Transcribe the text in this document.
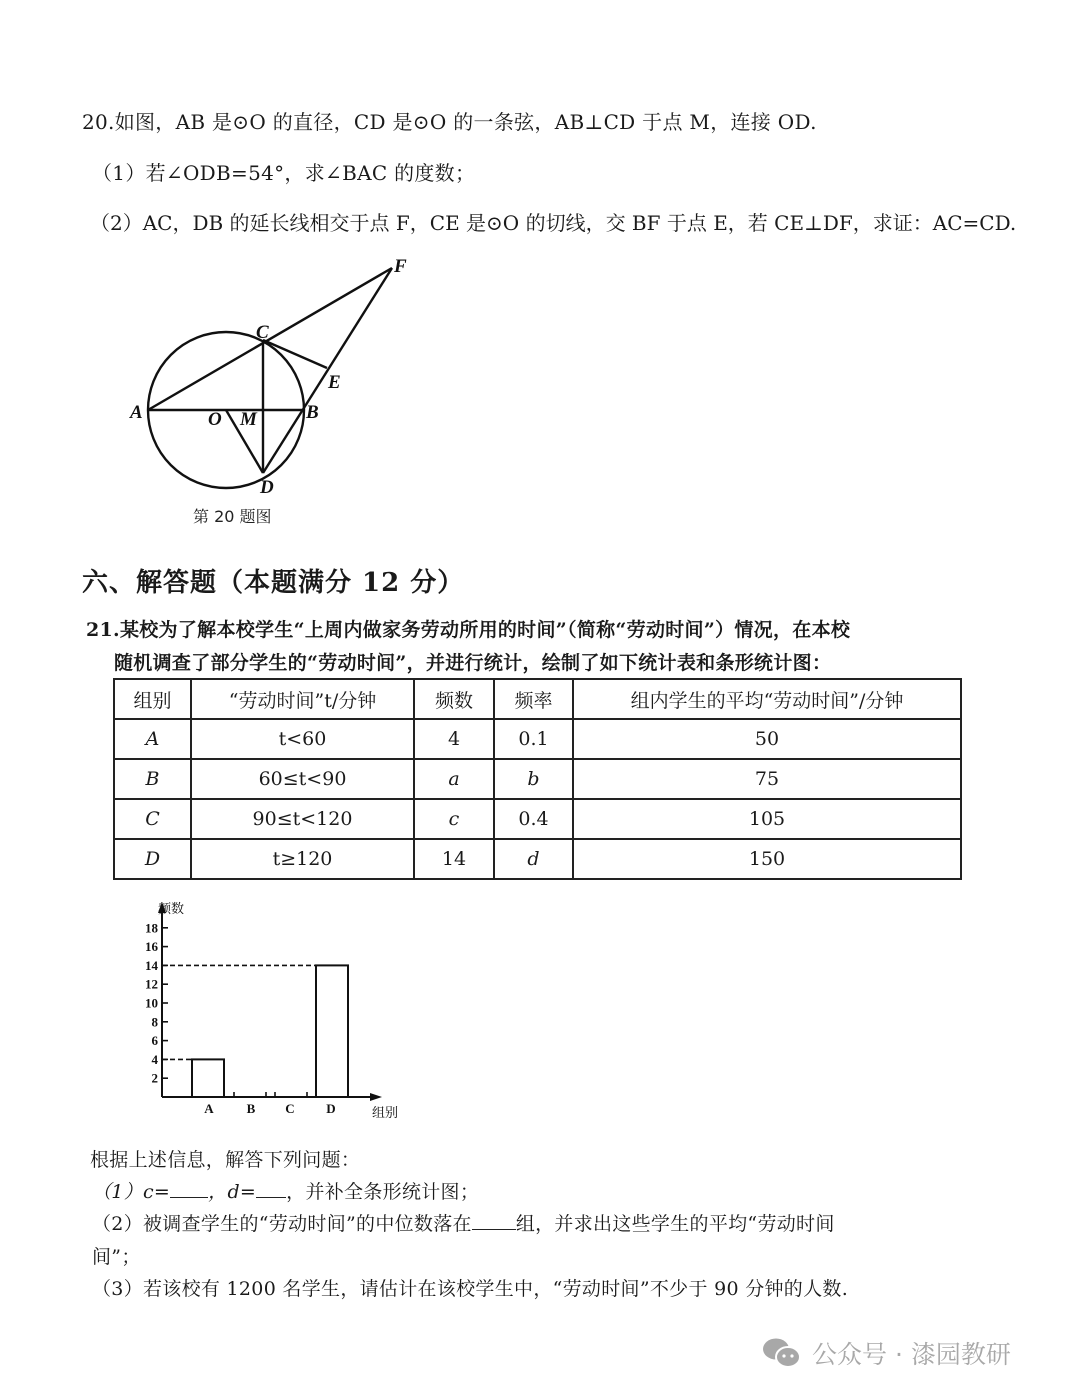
20.如图，AB 是⊙O 的直径，CD 是⊙O 的一条弦，AB⊥CD 于点 M，连接 OD.
（1）若∠ODB=54°，求∠BAC 的度数；
（2）AC，DB 的延长线相交于点 F，CE 是⊙O 的切线，交 BF 于点 E，若 CE⊥DF，求证：AC=CD.
A	B
C
D
O M
E
F
第 20 题图
六、解答题（本题满分 12 分）
21.某校为了解本校学生“上周内做家务劳动所用的时间”（简称“劳动时间”）情况，在本校
随机调查了部分学生的“劳动时间”，并进行统计，绘制了如下统计表和条形统计图：
组别	“劳动时间”t/分钟	频数	频率	组内学生的平均“劳动时间”/分钟
A	t<60	4	0.1	50
B	60≤t<90	a	b	75
C	90≤t<120	c	0.4	105
D	t≥120	14	d	150
2
4
6
8
10
12
14
16
18
A	B C D	组别
频数
根据上述信息，解答下列问题：
（1）c= ，d= ，并补全条形统计图；
（2）被调查学生的“劳动时间”的中位数落在 组，并求出这些学生的平均“劳动时间
间”；
（3）若该校有 1200 名学生，请估计在该校学生中，“劳动时间”不少于 90 分钟的人数.
公众号 · 漆园教研
